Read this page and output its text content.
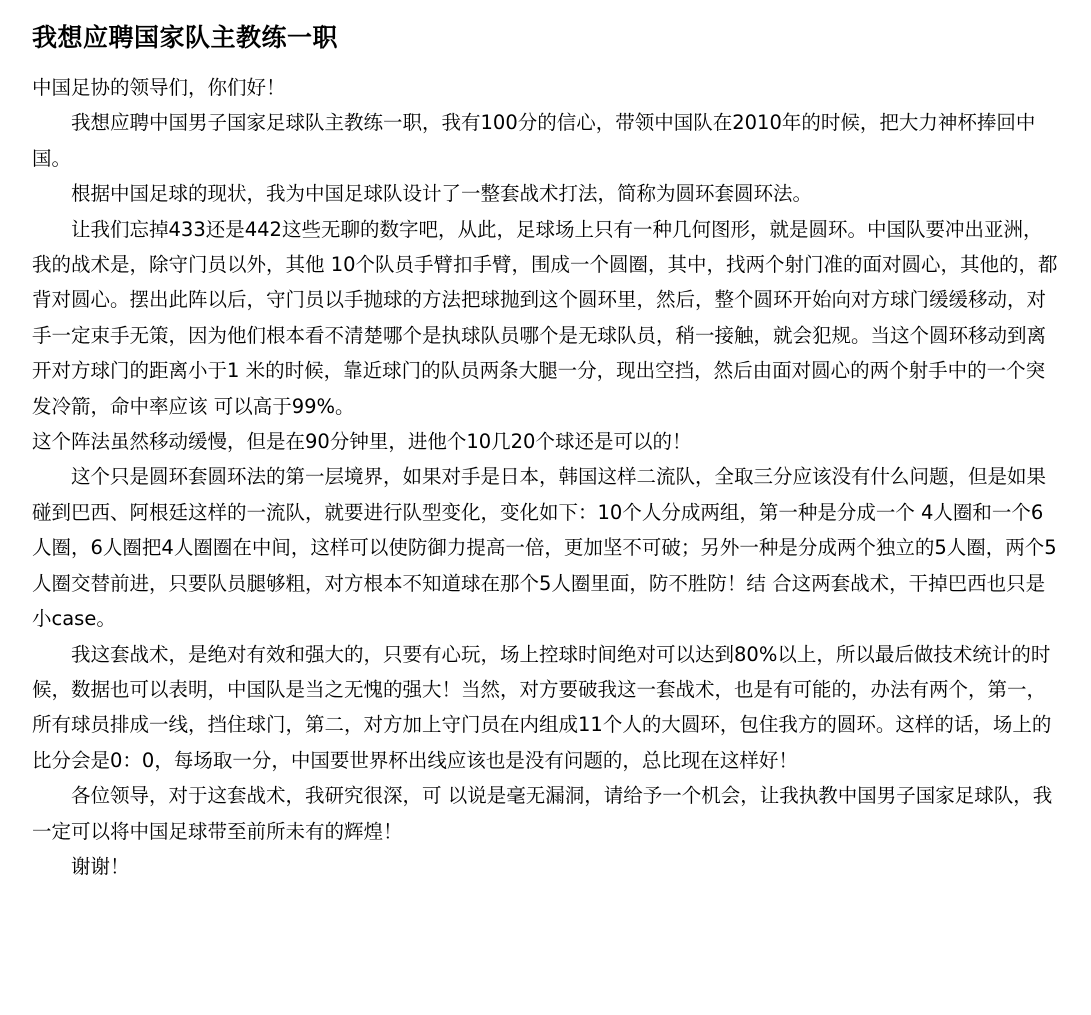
我想应聘国家队主教练一职

中国足协的领导们，你们好！

我想应聘中国男子国家足球队主教练一职，我有100分的信心，带领中国队在2010年的时候，把大力神杯捧回中国。

根据中国足球的现状，我为中国足球队设计了一整套战术打法，简称为圆环套圆环法。

让我们忘掉433还是442这些无聊的数字吧，从此，足球场上只有一种几何图形，就是圆环。中国队要冲出亚洲，我的战术是，除守门员以外，其他 10个队员手臂扣手臂，围成一个圆圈，其中，找两个射门准的面对圆心，其他的，都背对圆心。摆出此阵以后，守门员以手抛球的方法把球抛到这个圆环里，然后，整个圆环开始向对方球门缓缓移动，对手一定束手无策，因为他们根本看不清楚哪个是执球队员哪个是无球队员，稍一接触，就会犯规。当这个圆环移动到离开对方球门的距离小于1 米的时候，靠近球门的队员两条大腿一分，现出空挡，然后由面对圆心的两个射手中的一个突发冷箭，命中率应该 可以高于99%。

这个阵法虽然移动缓慢，但是在90分钟里，进他个10几20个球还是可以的！

这个只是圆环套圆环法的第一层境界，如果对手是日本，韩国这样二流队，全取三分应该没有什么问题，但是如果碰到巴西、阿根廷这样的一流队，就要进行队型变化，变化如下：10个人分成两组，第一种是分成一个 4人圈和一个6人圈，6人圈把4人圈圈在中间，这样可以使防御力提高一倍，更加坚不可破；另外一种是分成两个独立的5人圈，两个5人圈交替前进，只要队员腿够粗，对方根本不知道球在那个5人圈里面，防不胜防！结 合这两套战术，干掉巴西也只是小case。

我这套战术，是绝对有效和强大的，只要有心玩，场上控球时间绝对可以达到80%以上，所以最后做技术统计的时候，数据也可以表明，中国队是当之无愧的强大！当然，对方要破我这一套战术，也是有可能的，办法有两个，第一，所有球员排成一线，挡住球门，第二，对方加上守门员在内组成11个人的大圆环，包住我方的圆环。这样的话，场上的比分会是0：0，每场取一分，中国要世界杯出线应该也是没有问题的，总比现在这样好！

各位领导，对于这套战术，我研究很深，可 以说是毫无漏洞，请给予一个机会，让我执教中国男子国家足球队，我一定可以将中国足球带至前所未有的辉煌！

谢谢！
